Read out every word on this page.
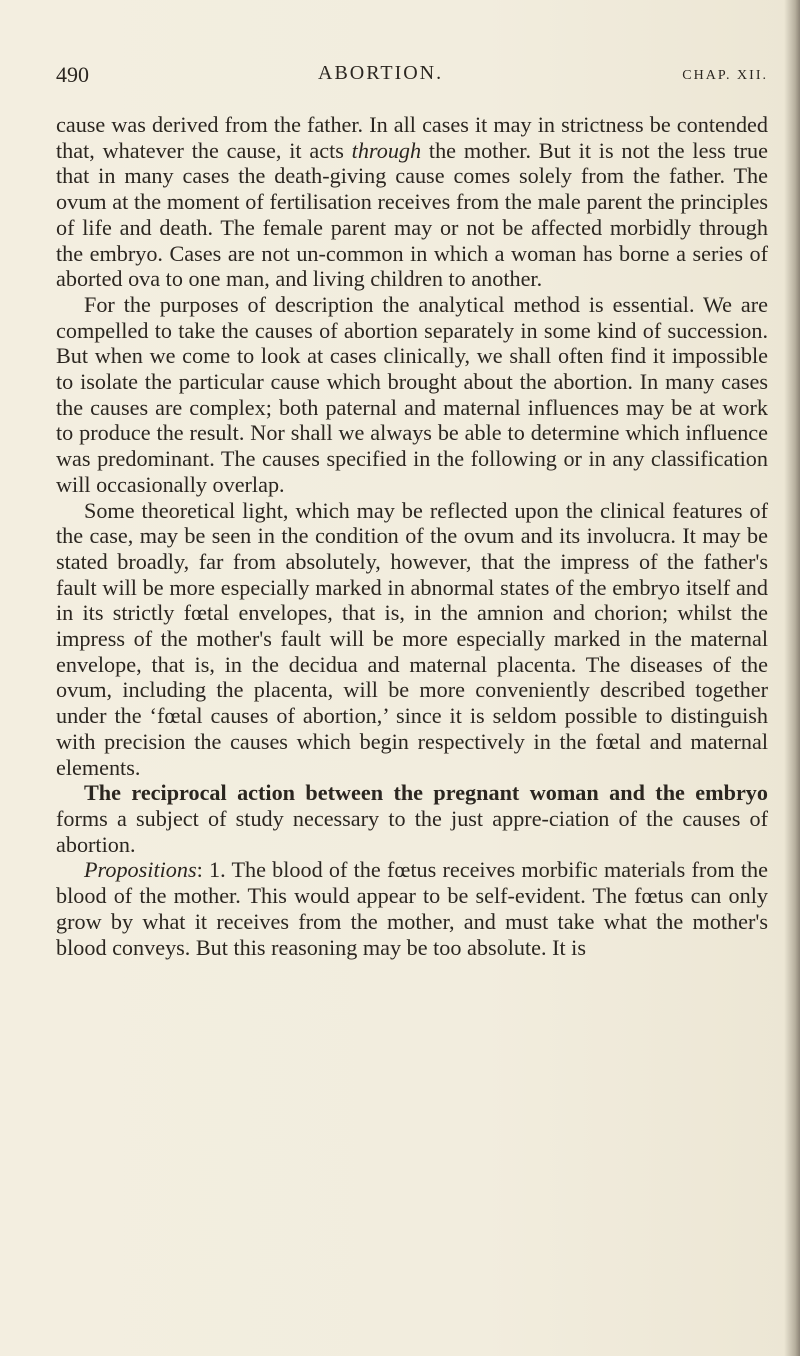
490	ABORTION.	CHAP. XII.

cause was derived from the father. In all cases it may in strictness be contended that, whatever the cause, it acts through the mother. But it is not the less true that in many cases the death-giving cause comes solely from the father. The ovum at the moment of fertilisation receives from the male parent the principles of life and death. The female parent may or not be affected morbidly through the embryo. Cases are not un-common in which a woman has borne a series of aborted ova to one man, and living children to another.

For the purposes of description the analytical method is essential. We are compelled to take the causes of abortion separately in some kind of succession. But when we come to look at cases clinically, we shall often find it impossible to isolate the particular cause which brought about the abortion. In many cases the causes are complex; both paternal and maternal influences may be at work to produce the result. Nor shall we always be able to determine which influence was predominant. The causes specified in the following or in any classification will occasionally overlap.

Some theoretical light, which may be reflected upon the clinical features of the case, may be seen in the condition of the ovum and its involucra. It may be stated broadly, far from absolutely, however, that the impress of the father's fault will be more especially marked in abnormal states of the embryo itself and in its strictly fœtal envelopes, that is, in the amnion and chorion; whilst the impress of the mother's fault will be more especially marked in the maternal envelope, that is, in the decidua and maternal placenta. The diseases of the ovum, including the placenta, will be more conveniently described together under the ‘fœtal causes of abortion,’ since it is seldom possible to distinguish with precision the causes which begin respectively in the fœtal and maternal elements.

The reciprocal action between the pregnant woman and the embryo forms a subject of study necessary to the just appre-ciation of the causes of abortion.

Propositions: 1. The blood of the fœtus receives morbific materials from the blood of the mother. This would appear to be self-evident. The fœtus can only grow by what it receives from the mother, and must take what the mother's blood conveys. But this reasoning may be too absolute. It is
